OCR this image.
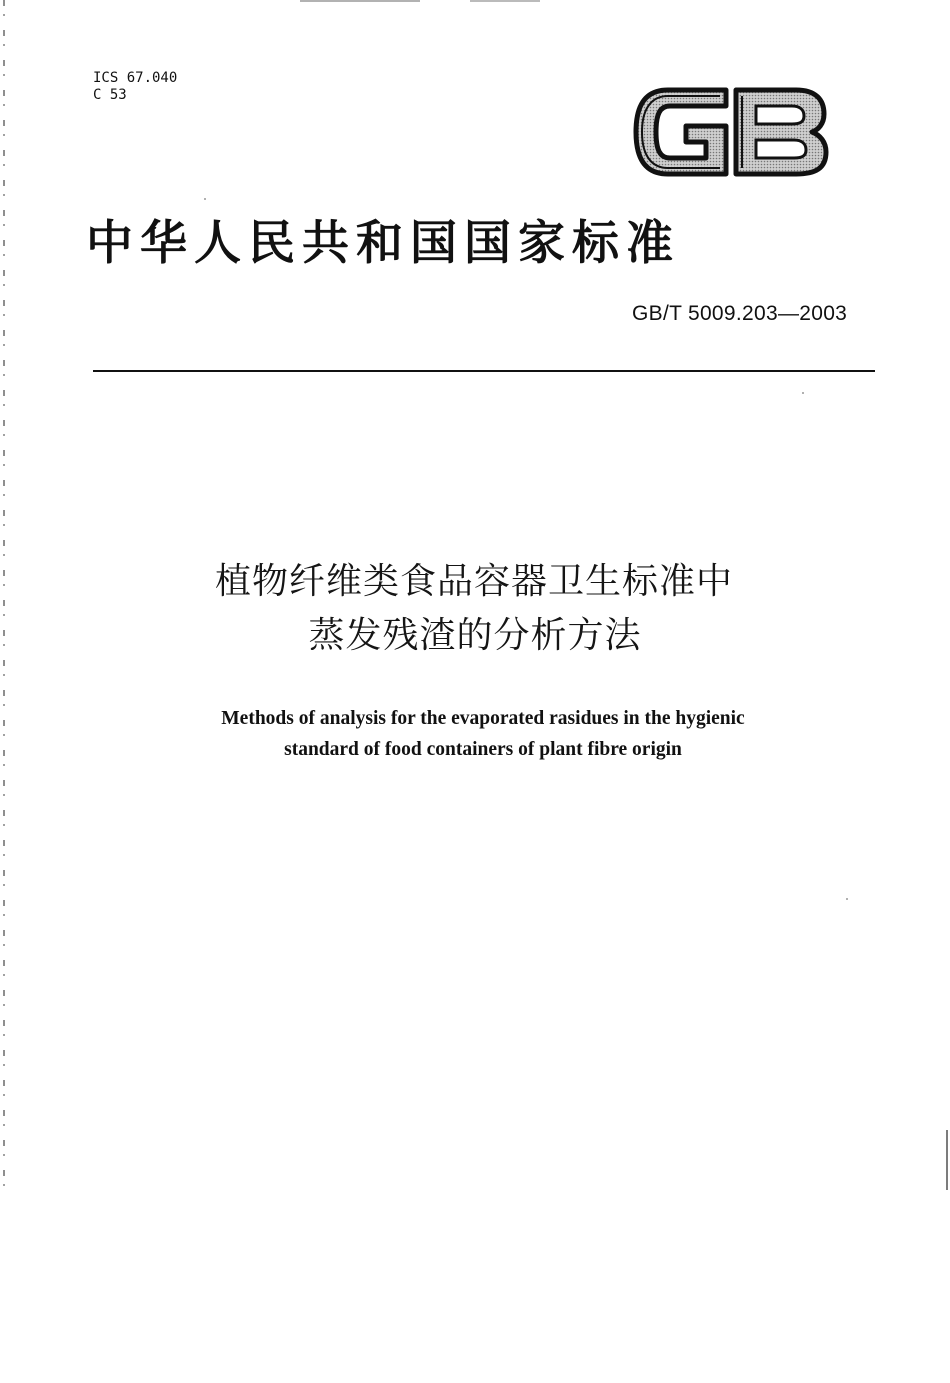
ICS 67.040
C 53
中华人民共和国国家标准
GB/T 5009.203—2003
植物纤维类食品容器卫生标准中
蒸发残渣的分析方法
Methods of analysis for the evaporated rasidues in the hygienic
standard of food containers of plant fibre origin
